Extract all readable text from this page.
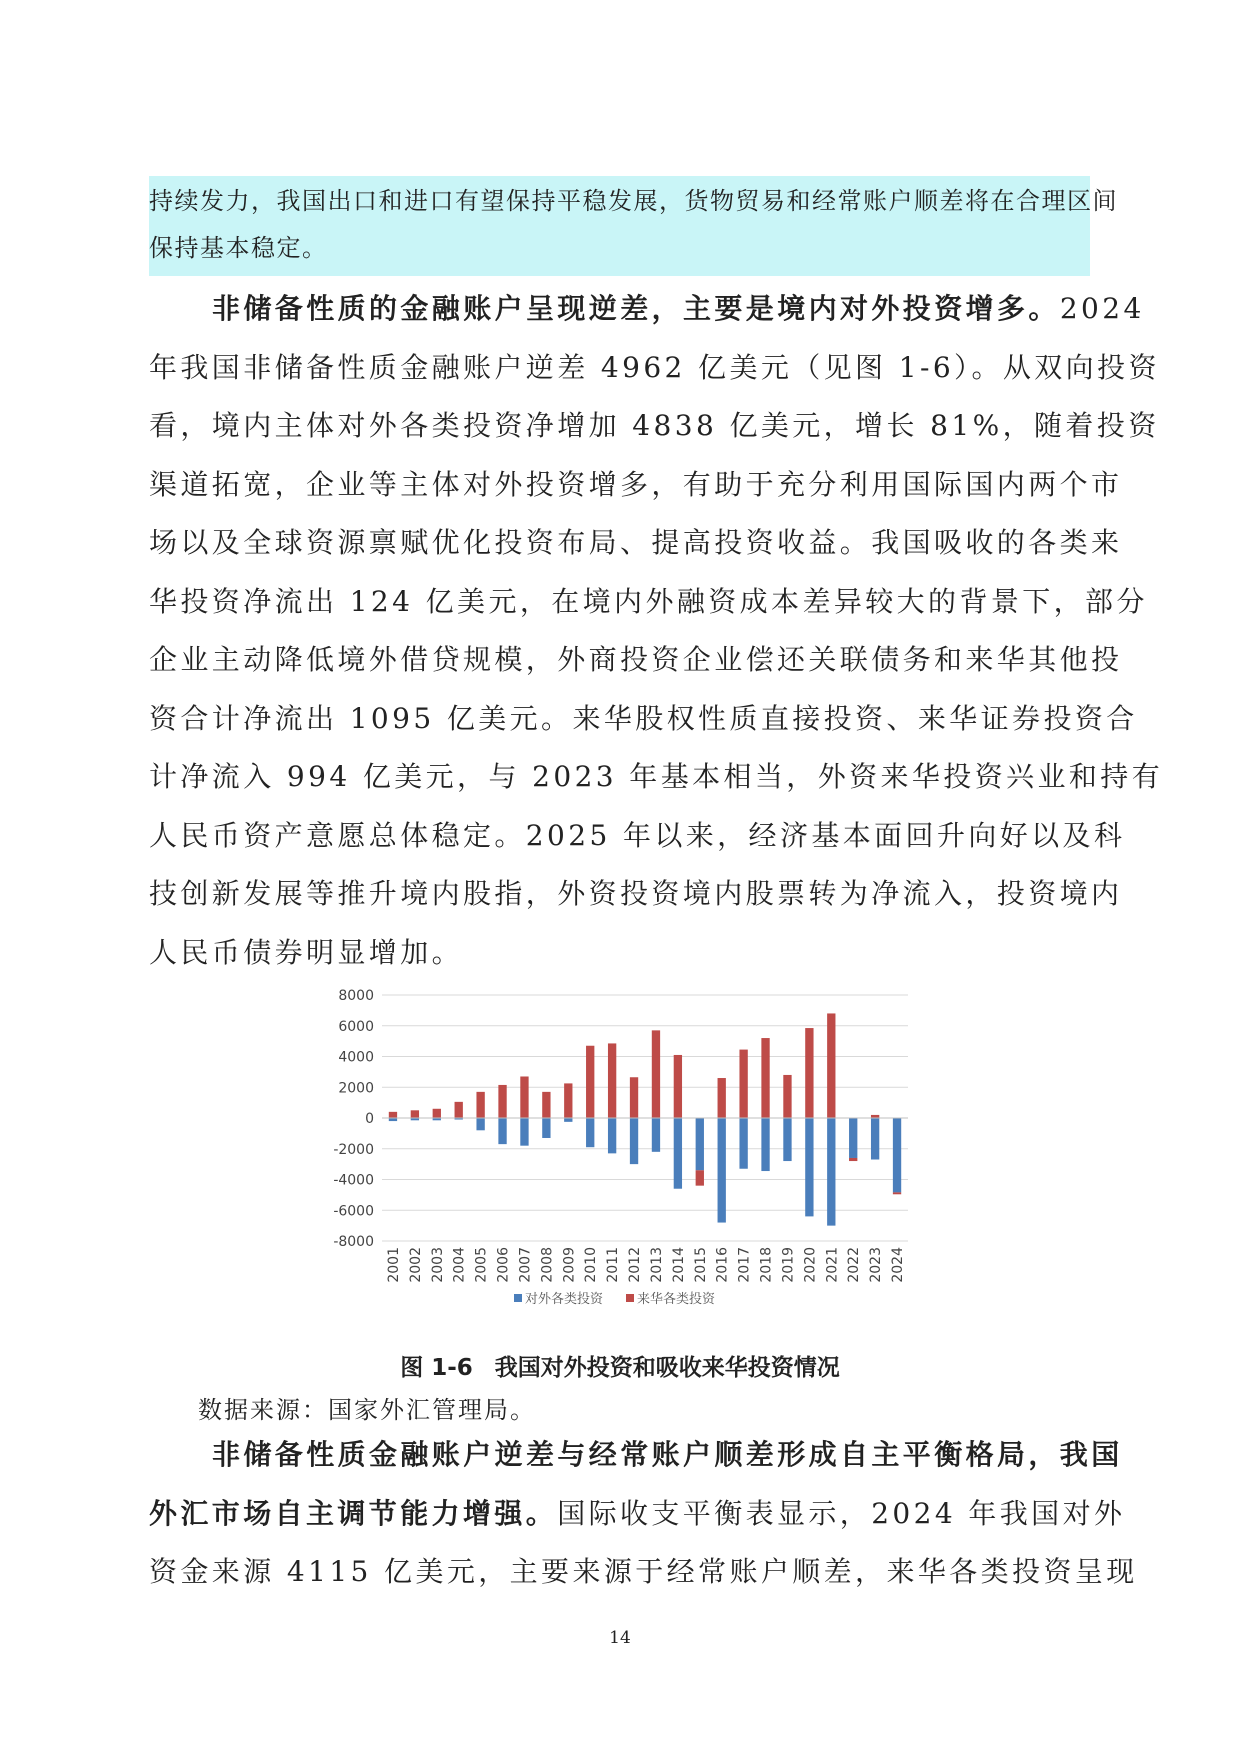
持续发力，我国出口和进口有望保持平稳发展，货物贸易和经常账户顺差将在合理区间
保持基本稳定。
非储备性质的金融账户呈现逆差，主要是境内对外投资增多。2024
年我国非储备性质金融账户逆差 4962 亿美元（见图 1-6）。从双向投资
看，境内主体对外各类投资净增加 4838 亿美元，增长 81%，随着投资
渠道拓宽，企业等主体对外投资增多，有助于充分利用国际国内两个市
场以及全球资源禀赋优化投资布局、提高投资收益。我国吸收的各类来
华投资净流出 124 亿美元，在境内外融资成本差异较大的背景下，部分
企业主动降低境外借贷规模，外商投资企业偿还关联债务和来华其他投
资合计净流出 1095 亿美元。来华股权性质直接投资、来华证券投资合
计净流入 994 亿美元，与 2023 年基本相当，外资来华投资兴业和持有
人民币资产意愿总体稳定。2025 年以来，经济基本面回升向好以及科
技创新发展等推升境内股指，外资投资境内股票转为净流入，投资境内
人民币债券明显增加。
8000
6000
4000
2000
0
-2000
-4000
-6000
-8000
2001 2002 2003 2004 2005 2006 2007 2008 2009 2010 2011 2012 2013 2014 2015 2016 2017 2018 2019 2020 2021 2022 2023 2024
对外各类投资	来华各类投资
图 1-6 我国对外投资和吸收来华投资情况
数据来源：国家外汇管理局。
非储备性质金融账户逆差与经常账户顺差形成自主平衡格局，我国
外汇市场自主调节能力增强。国际收支平衡表显示，2024 年我国对外
资金来源 4115 亿美元，主要来源于经常账户顺差，来华各类投资呈现
14
